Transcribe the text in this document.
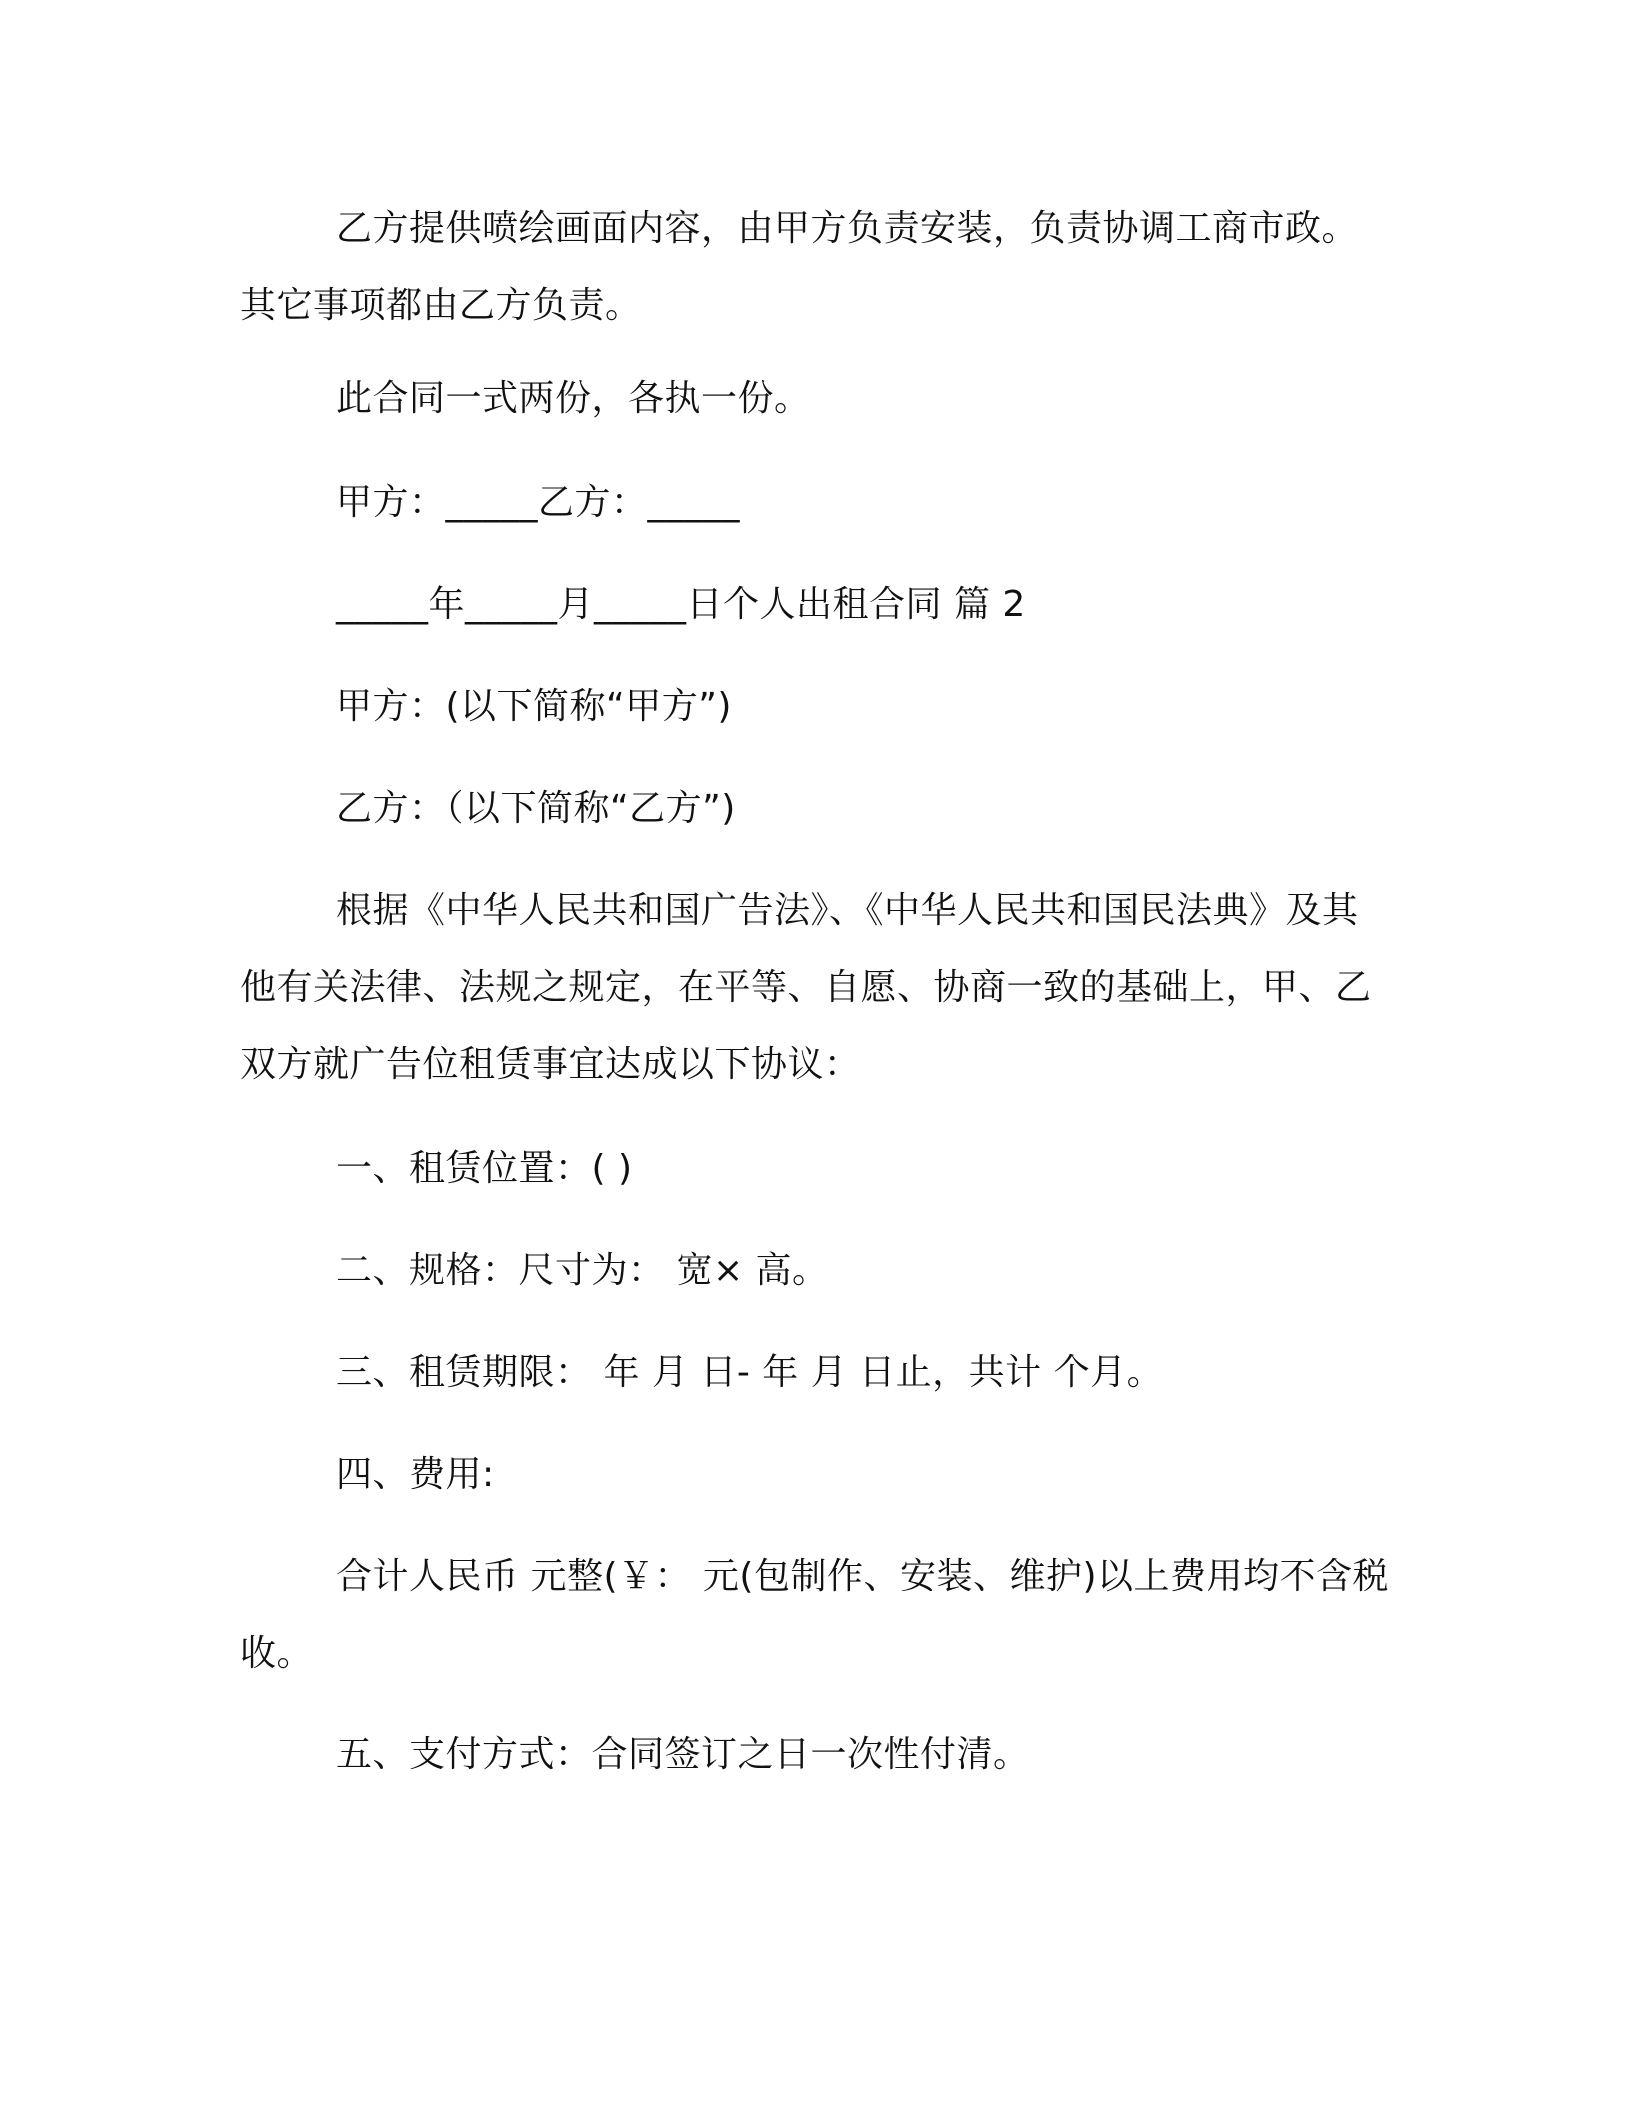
乙方提供喷绘画面内容，由甲方负责安装，负责协调工商市政。其它事项都由乙方负责。

此合同一式两份，各执一份。

甲方：_____乙方：_____

_____年_____月_____日个人出租合同 篇 2

甲方：(以下简称“甲方”)

乙方：（以下简称“乙方”)

根据《中华人民共和国广告法》、《中华人民共和国民法典》及其他有关法律、法规之规定，在平等、自愿、协商一致的基础上，甲、乙双方就广告位租赁事宜达成以下协议：

一、租赁位置：( )

二、规格：尺寸为： 宽× 高。

三、租赁期限： 年 月 日- 年 月 日止，共计 个月。

四、费用:

合计人民币 元整(￥： 元(包制作、安装、维护)以上费用均不含税收。

五、支付方式：合同签订之日一次性付清。
